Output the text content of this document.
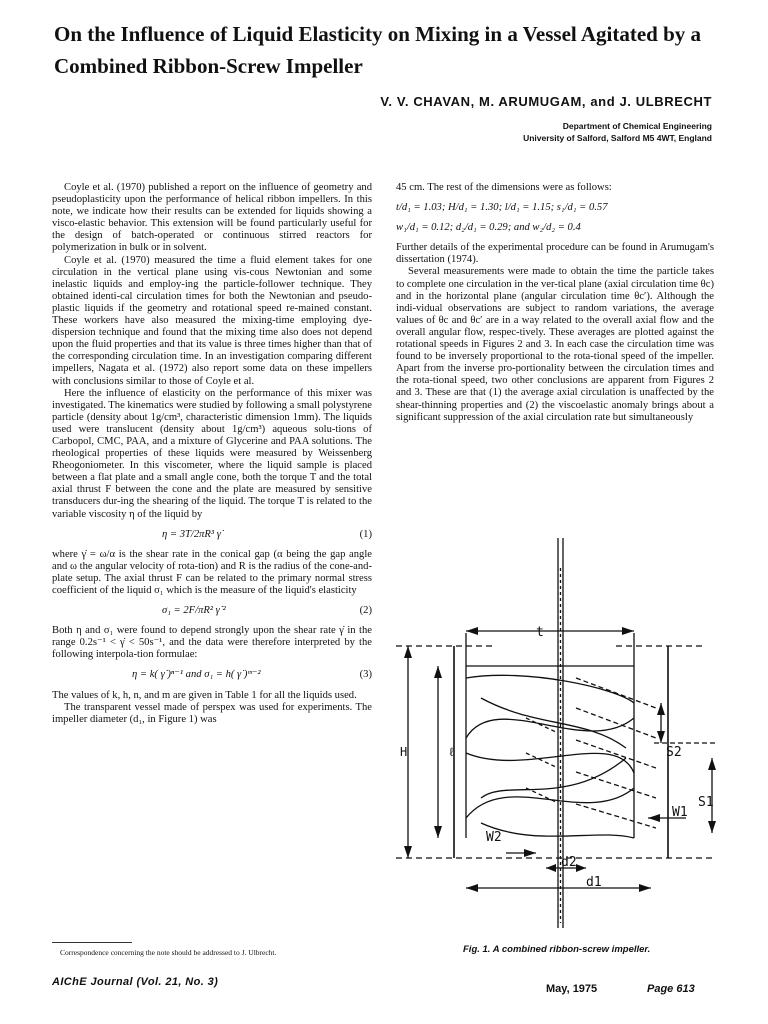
On the Influence of Liquid Elasticity on Mixing in a Vessel Agitated by a Combined Ribbon-Screw Impeller
V. V. CHAVAN, M. ARUMUGAM, and J. ULBRECHT
Department of Chemical Engineering
University of Salford, Salford M5 4WT, England

Coyle et al. (1970) published a report on the influence of geometry and pseudoplasticity upon the performance of helical ribbon impellers. In this note, we indicate how their results can be extended for liquids showing a visco-elastic behavior. This extension will be found particularly useful for the design of batch-operated or continuous stirred reactors for polymerization in bulk or in solvent.

Coyle et al. (1970) measured the time a fluid element takes for one circulation in the vertical plane using vis-cous Newtonian and some inelastic liquids and employ-ing the particle-follower technique. They obtained identi-cal circulation times for both the Newtonian and pseudo-plastic liquids if the geometry and rotational speed re-mained constant. These workers have also measured the mixing-time employing dye-dispersion technique and found that the mixing time also does not depend upon the fluid properties and that its value is three times higher than that of the corresponding circulation time. In an investigation comparing different impellers, Nagata et al. (1972) also report some data on these impellers with conclusions similar to those of Coyle et al.

Here the influence of elasticity on the performance of this mixer was investigated. The kinematics were studied by following a small polystyrene particle (density about 1g/cm³, characteristic dimension 1mm). The liquids used were translucent (density about 1g/cm³) aqueous solu-tions of Carbopol, CMC, PAA, and a mixture of Glycerine and PAA solutions. The rheological properties of these liquids were measured by Weissenberg Rheogoniometer. In this viscometer, where the liquid sample is placed between a flat plate and a small angle cone, both the torque T and the total axial thrust F between the cone and the plate are measured by sensitive transducers dur-ing the shearing of the liquid. The torque T is related to the variable viscosity η of the liquid by

η = 3T/2πR³ γ̇	(1)

where γ̇ = ω/α is the shear rate in the conical gap (α being the gap angle and ω the angular velocity of rota-tion) and R is the radius of the cone-and-plate setup. The axial thrust F can be related to the primary normal stress coefficient of the liquid σ₁ which is the measure of the liquid's elasticity

σ₁ = 2F/πR² γ̇ ²	(2)

Both η and σ₁ were found to depend strongly upon the shear rate γ̇ in the range 0.2s⁻¹ < γ̇ < 50s⁻¹, and the data were therefore interpreted by the following interpola-tion formulae:

η = k( γ̇ )ⁿ⁻¹ and σ₁ = h( γ̇ )ᵐ⁻²	(3)

The values of k, h, n, and m are given in Table 1 for all the liquids used.

The transparent vessel made of perspex was used for experiments. The impeller diameter (d₁, in Figure 1) was

45 cm. The rest of the dimensions were as follows:

t/d₁ = 1.03; H/d₁ = 1.30; l/d₁ = 1.15; s₁/d₁ = 0.57
w₁/d₁ = 0.12; d₂/d₁ = 0.29; and w₂/d₂ = 0.4

Further details of the experimental procedure can be found in Arumugam's dissertation (1974).

Several measurements were made to obtain the time the particle takes to complete one circulation in the ver-tical plane (axial circulation time θc) and in the horizontal plane (angular circulation time θc′). Although the indi-vidual observations are subject to random variations, the average values of θc and θc′ are in a way related to the overall axial flow and the overall angular flow, respec-tively. These averages are plotted against the rotational speeds in Figures 2 and 3. In each case the circulation time was found to be inversely proportional to the rota-tional speed of the impeller. Apart from the inverse pro-portionality between the circulation times and the rota-tional speed, two other conclusions are apparent from Figures 2 and 3. These are that (1) the average axial circulation is unaffected by the shear-thinning properties and (2) the viscoelastic anomaly brings about a significant suppression of the axial circulation rate but simultaneously

t
H	ℓ	S2
S1
W1
W2
d2
d1
Correspondence concerning the note should be addressed to J. Ulbrecht.	Fig. 1. A combined ribbon-screw impeller.
AIChE Journal (Vol. 21, No. 3)
May, 1975	Page 613
